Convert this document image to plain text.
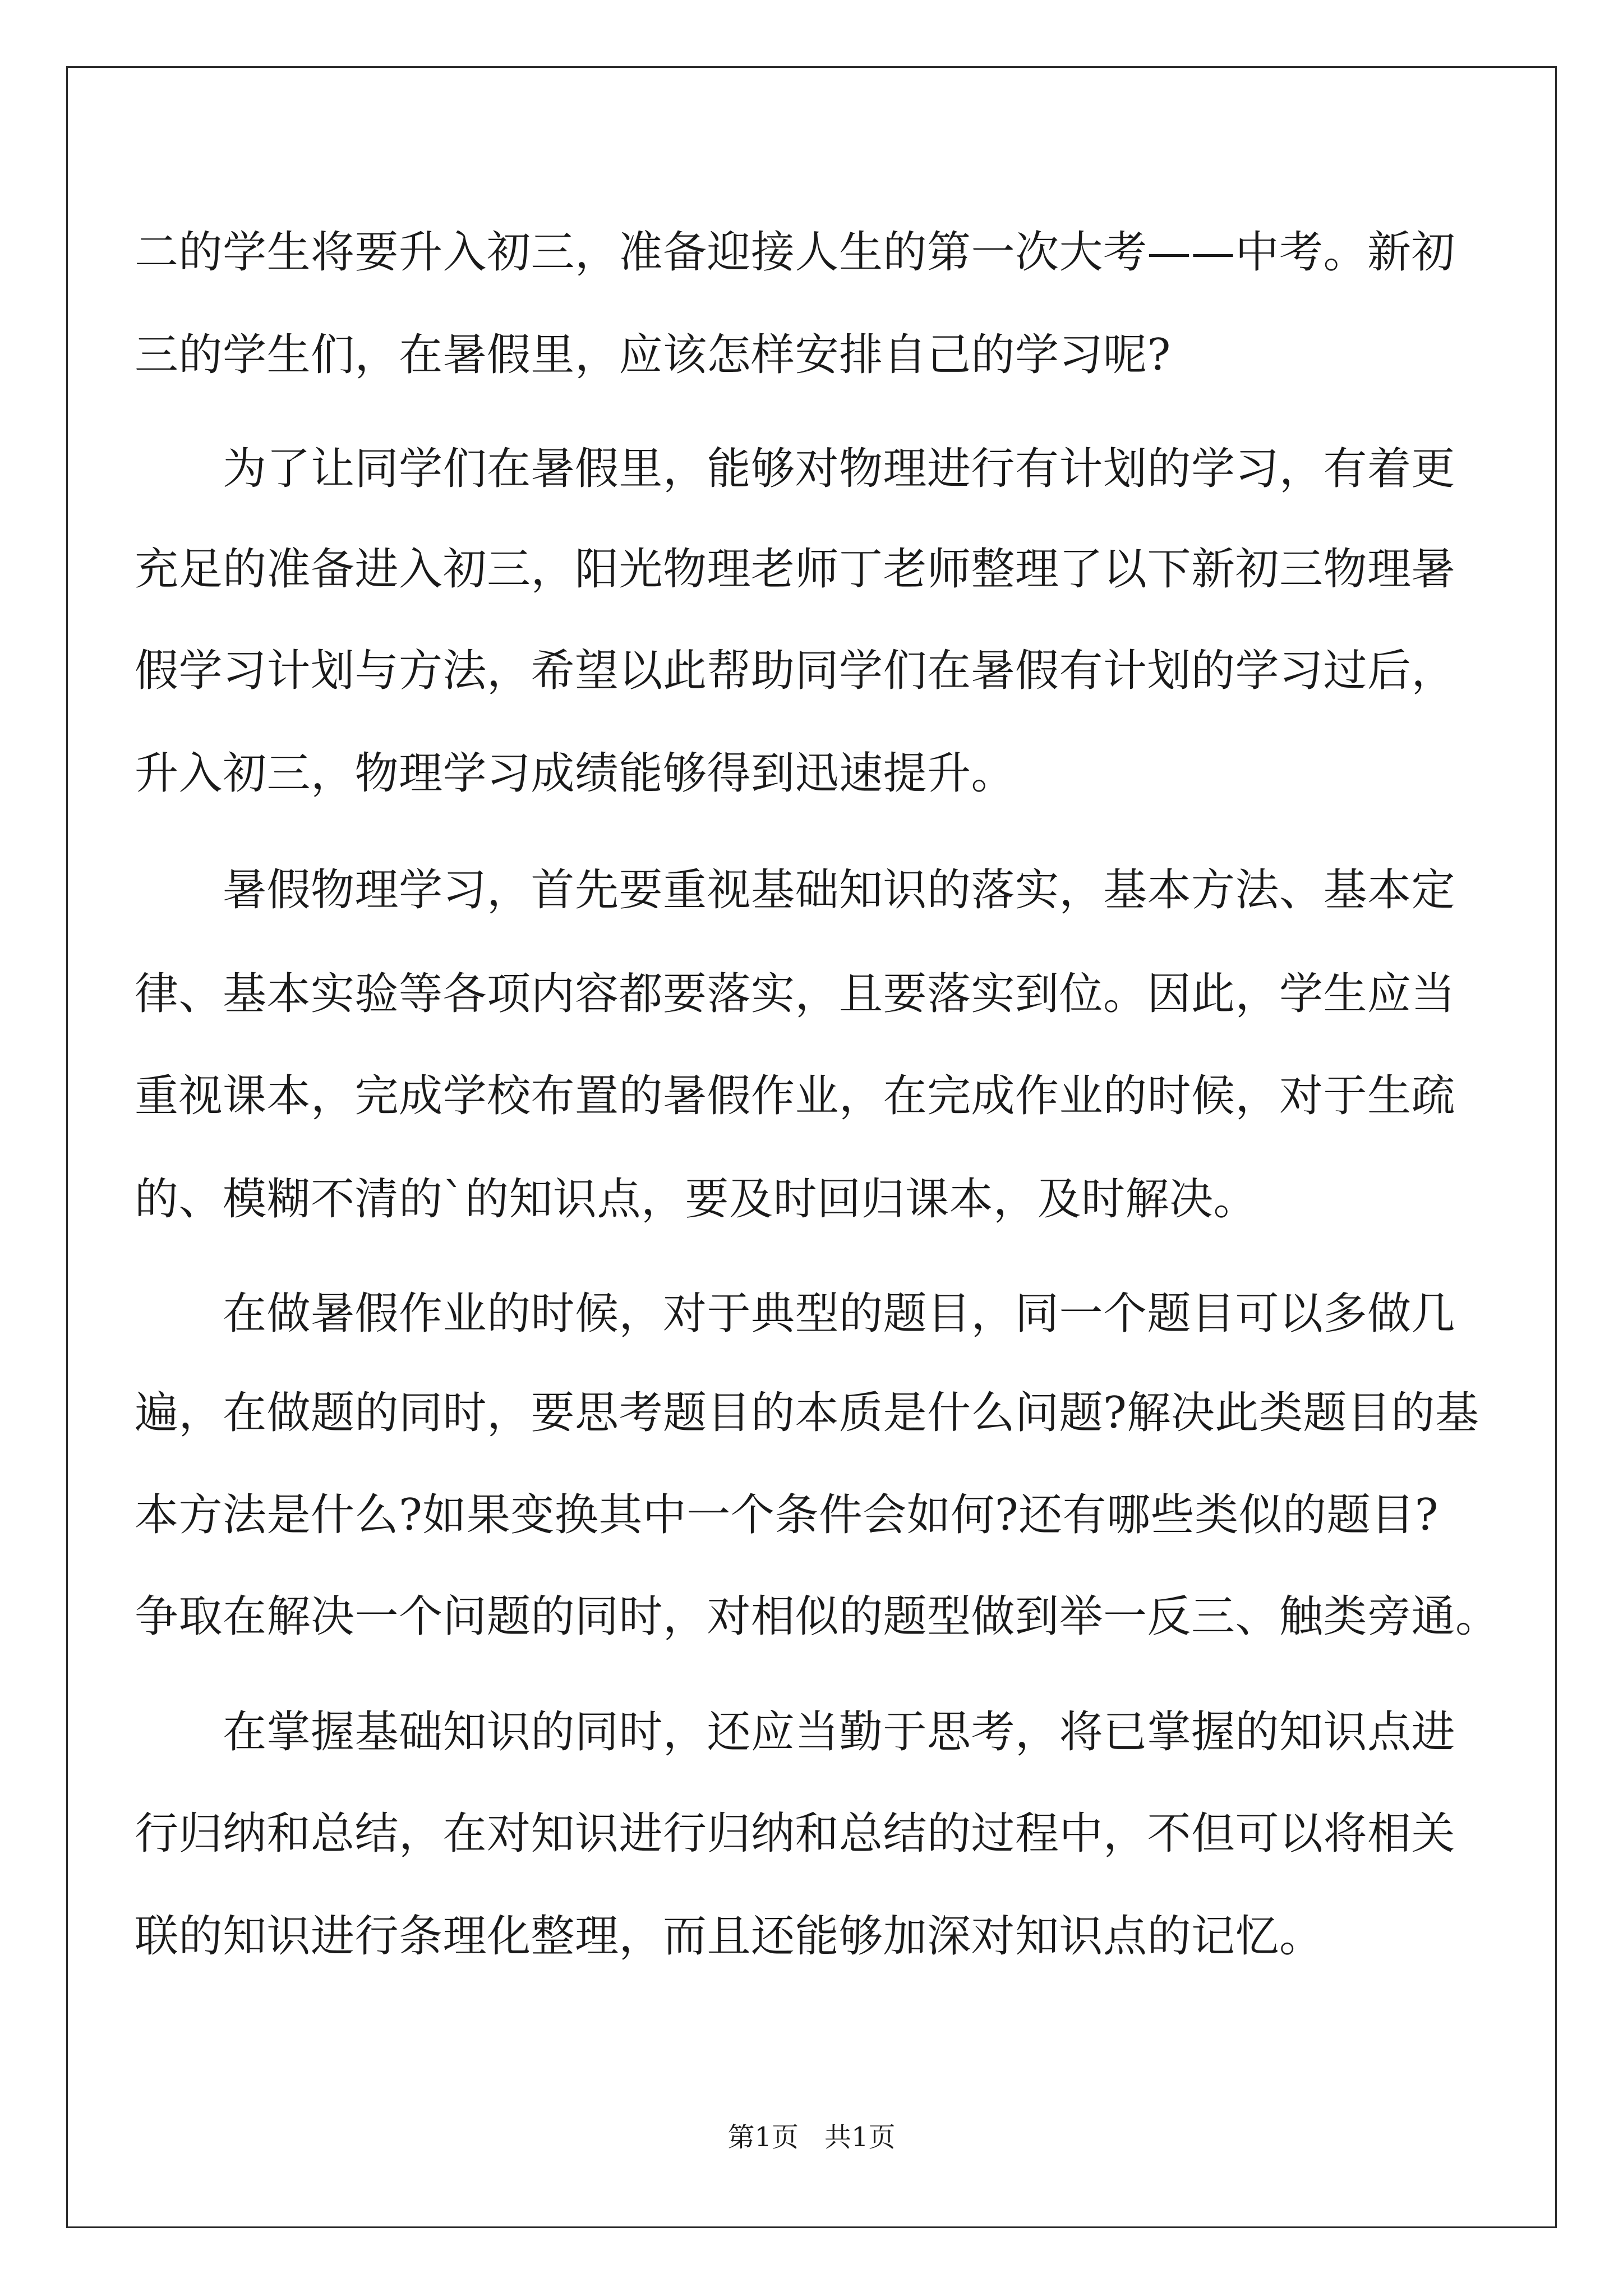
二的学生将要升入初三，准备迎接人生的第一次大考——中考。新初
三的学生们，在暑假里，应该怎样安排自己的学习呢?
　　为了让同学们在暑假里，能够对物理进行有计划的学习，有着更
充足的准备进入初三，阳光物理老师丁老师整理了以下新初三物理暑
假学习计划与方法，希望以此帮助同学们在暑假有计划的学习过后，
升入初三，物理学习成绩能够得到迅速提升。
　　暑假物理学习，首先要重视基础知识的落实，基本方法、基本定
律、基本实验等各项内容都要落实，且要落实到位。因此，学生应当
重视课本，完成学校布置的暑假作业，在完成作业的时候，对于生疏
的、模糊不清的`的知识点，要及时回归课本，及时解决。
　　在做暑假作业的时候，对于典型的题目，同一个题目可以多做几
遍，在做题的同时，要思考题目的本质是什么问题?解决此类题目的基
本方法是什么?如果变换其中一个条件会如何?还有哪些类似的题目?
争取在解决一个问题的同时，对相似的题型做到举一反三、触类旁通。
　　在掌握基础知识的同时，还应当勤于思考，将已掌握的知识点进
行归纳和总结，在对知识进行归纳和总结的过程中，不但可以将相关
联的知识进行条理化整理，而且还能够加深对知识点的记忆。
第1页 共1页
